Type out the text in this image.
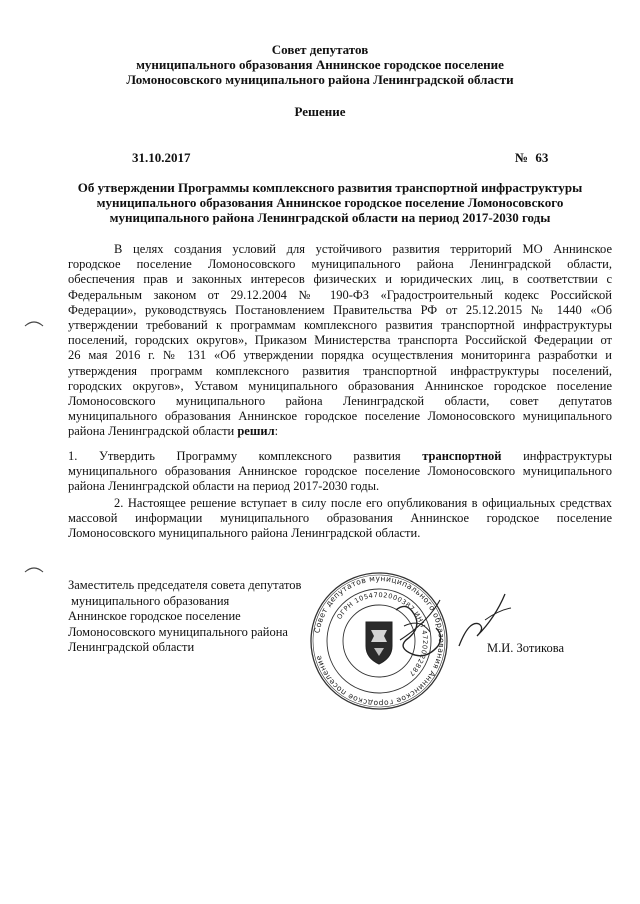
Совет депутатов
муниципального образования Аннинское городское поселение
Ломоносовского муниципального района Ленинградской области
Решение
31.10.2017	№ 63
Об утверждении Программы комплексного развития транспортной инфраструктуры
муниципального образования Аннинское городское поселение Ломоносовского
муниципального района Ленинградской области на период 2017-2030 годы
В целях создания условий для устойчивого развития территорий МО Аннинское
городское поселение Ломоносовского муниципального района Ленинградской области,
обеспечения прав и законных интересов физических и юридических лиц, в соответствии с
Федеральным законом от 29.12.2004 № 190-ФЗ «Градостроительный кодекс Российской
Федерации», руководствуясь Постановлением Правительства РФ от 25.12.2015 № 1440 «Об
утверждении требований к программам комплексного развития транспортной инфраструктуры
поселений, городских округов», Приказом Министерства транспорта Российской Федерации от
26 мая 2016 г. № 131 «Об утверждении порядка осуществления мониторинга разработки и
утверждения программ комплексного развития транспортной инфраструктуры поселений,
городских округов», Уставом муниципального образования Аннинское городское поселение
Ломоносовского муниципального района Ленинградской области, совет депутатов
муниципального образования Аннинское городское поселение Ломоносовского муниципального
района Ленинградской области решил:
1. Утвердить Программу комплексного развития транспортной инфраструктуры
муниципального образования Аннинское городское поселение Ломоносовского муниципального
района Ленинградской области на период 2017-2030 годы.
2. Настоящее решение вступает в силу после его опубликования в официальных средствах
массовой информации муниципального образования Аннинское городское поселение
Ломоносовского муниципального района Ленинградской области.
Заместитель председателя совета депутатов
муниципального образования
Аннинское городское поселение
Ломоносовского муниципального района
Ленинградской области	М.И. Зотикова
Совет депутатов муниципального образования Аннинское городское поселение
ОГРН 1054702000387 ИНН 4720022887
